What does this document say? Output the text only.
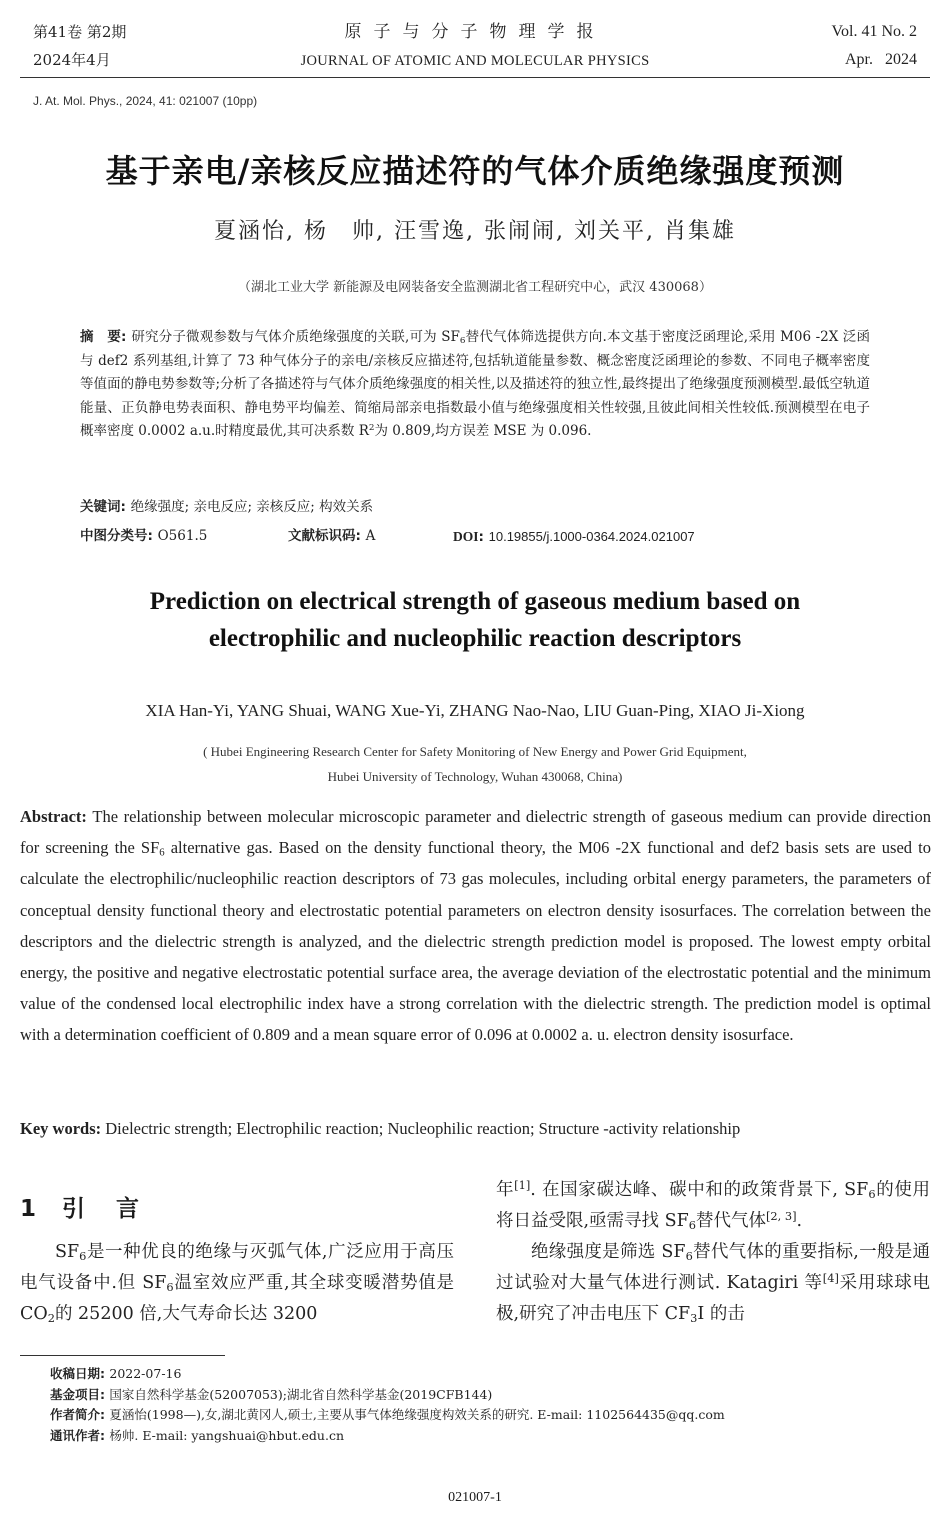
第41卷 第2期
2024年4月
原子与分子物理学报
JOURNAL OF ATOMIC AND MOLECULAR PHYSICS
Vol. 41 No. 2
Apr.   2024
J. At. Mol. Phys., 2024, 41: 021007 (10pp)
基于亲电/亲核反应描述符的气体介质绝缘强度预测
夏涵怡, 杨　帅, 汪雪逸, 张闹闹, 刘关平, 肖集雄
（湖北工业大学 新能源及电网装备安全监测湖北省工程研究中心，武汉 430068）
摘　要: 研究分子微观参数与气体介质绝缘强度的关联,可为 $SF_6$替代气体筛选提供方向.本文基于密度泛函理论,采用 M06 -2X 泛函与 def2 系列基组,计算了 73 种气体分子的亲电/亲核反应描述符,包括轨道能量参数、概念密度泛函理论的参数、不同电子概率密度等值面的静电势参数等;分析了各描述符与气体介质绝缘强度的相关性,以及描述符的独立性,最终提出了绝缘强度预测模型.最低空轨道能量、正负静电势表面积、静电势平均偏差、简缩局部亲电指数最小值与绝缘强度相关性较强,且彼此间相关性较低.预测模型在电子概率密度 0.0002 a.u.时精度最优,其可决系数 $R^2$为 0.809,均方误差 MSE 为 0.096.
关键词: 绝缘强度; 亲电反应; 亲核反应; 构效关系
中图分类号: O561.5	文献标识码: A	DOI: 10.19855/j.1000-0364.2024.021007
Prediction on electrical strength of gaseous medium based on
electrophilic and nucleophilic reaction descriptors
XIA Han-Yi, YANG Shuai, WANG Xue-Yi, ZHANG Nao-Nao, LIU Guan-Ping, XIAO Ji-Xiong
( Hubei Engineering Research Center for Safety Monitoring of New Energy and Power Grid Equipment,
Hubei University of Technology, Wuhan 430068, China)
Abstract: The relationship between molecular microscopic parameter and dielectric strength of gaseous medium can provide direction for screening the $SF_6$ alternative gas. Based on the density functional theory, the M06 -2X functional and def2 basis sets are used to calculate the electrophilic/nucleophilic reaction descriptors of 73 gas molecules, including orbital energy parameters, the parameters of conceptual density functional theory and electrostatic potential parameters on electron density isosurfaces. The correlation between the descriptors and the dielectric strength is analyzed, and the dielectric strength prediction model is proposed. The lowest empty orbital energy, the positive and negative electrostatic potential surface area, the average deviation of the electrostatic potential and the minimum value of the condensed local electrophilic index have a strong correlation with the dielectric strength. The prediction model is optimal with a determination coefficient of 0.809 and a mean square error of 0.096 at 0.0002 a. u. electron density isosurface.
Key words: Dielectric strength; Electrophilic reaction; Nucleophilic reaction; Structure -activity relationship
1 引　言
$SF_6$是一种优良的绝缘与灭弧气体,广泛应用于高压电气设备中.但 $SF_6$温室效应严重,其全球变暖潜势值是 $CO_2$的 25200 倍,大气寿命长达 3200
年[1]. 在国家碳达峰、碳中和的政策背景下, $SF_6$的使用将日益受限,亟需寻找 $SF_6$替代气体[2, 3].
绝缘强度是筛选 $SF_6$替代气体的重要指标,一般是通过试验对大量气体进行测试. Katagiri 等[4]采用球球电极,研究了冲击电压下 $CF_3I$ 的击
收稿日期: 2022-07-16
基金项目: 国家自然科学基金(52007053);湖北省自然科学基金(2019CFB144)
作者简介: 夏涵怡(1998—),女,湖北黄冈人,硕士,主要从事气体绝缘强度构效关系的研究. E-mail: 1102564435@qq.com
通讯作者: 杨帅. E-mail: yangshuai@hbut.edu.cn
021007-1
